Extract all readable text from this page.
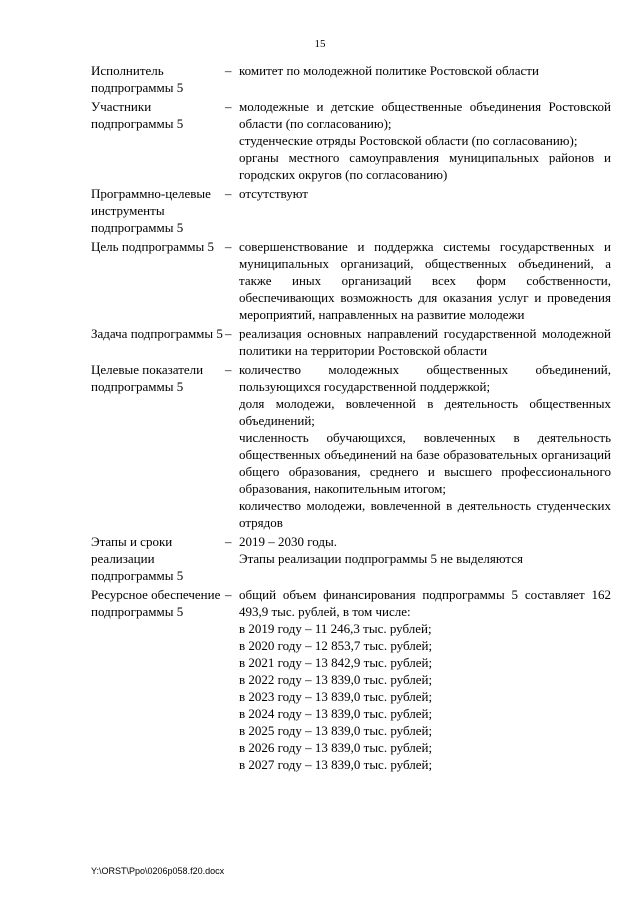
15
Исполнитель подпрограммы 5
– комитет по молодежной политике Ростовской области
Участники подпрограммы 5
– молодежные и детские общественные объединения Ростовской области (по согласованию);
студенческие отряды Ростовской области (по согласованию);
органы местного самоуправления муниципальных районов и городских округов (по согласованию)
Программно-целевые инструменты подпрограммы 5
– отсутствуют
Цель подпрограммы 5 – совершенствование и поддержка системы государственных и муниципальных организаций, общественных объединений, а также иных организаций всех форм собственности, обеспечивающих возможность для оказания услуг и проведения мероприятий, направленных на развитие молодежи
Задача подпрограммы 5 – реализация основных направлений государственной молодежной политики на территории Ростовской области
Целевые показатели подпрограммы 5
– количество молодежных общественных объединений, пользующихся государственной поддержкой;
доля молодежи, вовлеченной в деятельность общественных объединений;
численность обучающихся, вовлеченных в деятельность общественных объединений на базе образовательных организаций общего образования, среднего и высшего профессионального образования, накопительным итогом;
количество молодежи, вовлеченной в деятельность студенческих отрядов
Этапы и сроки реализации подпрограммы 5
– 2019 – 2030 годы.
Этапы реализации подпрограммы 5 не выделяются
Ресурсное обеспечение подпрограммы 5
– общий объем финансирования подпрограммы 5 составляет 162 493,9 тыс. рублей, в том числе:
в 2019 году – 11 246,3 тыс. рублей;
в 2020 году – 12 853,7 тыс. рублей;
в 2021 году – 13 842,9 тыс. рублей;
в 2022 году – 13 839,0 тыс. рублей;
в 2023 году – 13 839,0 тыс. рублей;
в 2024 году – 13 839,0 тыс. рублей;
в 2025 году – 13 839,0 тыс. рублей;
в 2026 году – 13 839,0 тыс. рублей;
в 2027 году – 13 839,0 тыс. рублей;
Y:\ORST\Ppo\0206p058.f20.docx
